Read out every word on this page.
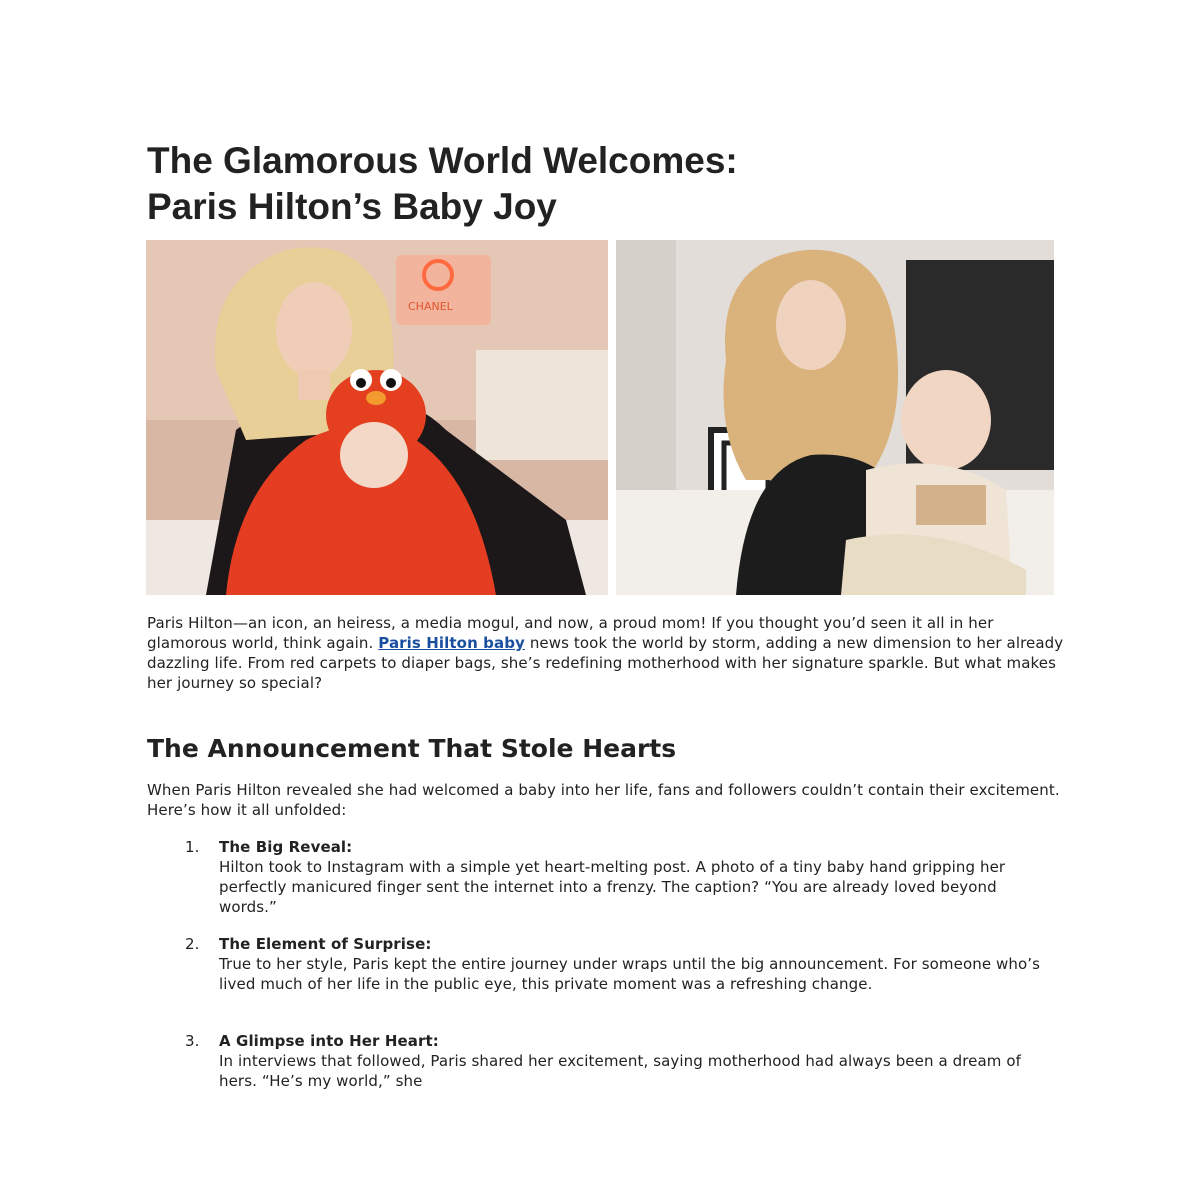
The Glamorous World Welcomes:
Paris Hilton’s Baby Joy
CHANEL

Paris Hilton—an icon, an heiress, a media mogul, and now, a proud mom! If you thought you’d seen it all in her glamorous world, think again. Paris Hilton baby news took the world by storm, adding a new dimension to her already dazzling life. From red carpets to diaper bags, she’s redefining motherhood with her signature sparkle. But what makes her journey so special?

The Announcement That Stole Hearts

When Paris Hilton revealed she had welcomed a baby into her life, fans and followers couldn’t contain their excitement. Here’s how it all unfolded:

1.	The Big Reveal:
Hilton took to Instagram with a simple yet heart-melting post. A photo of a tiny baby hand gripping her perfectly manicured finger sent the internet into a frenzy. The caption? “You are already loved beyond words.”
2.	The Element of Surprise:
True to her style, Paris kept the entire journey under wraps until the big announcement. For someone who’s lived much of her life in the public eye, this private moment was a refreshing change.
3.	A Glimpse into Her Heart:
In interviews that followed, Paris shared her excitement, saying motherhood had always been a dream of hers. “He’s my world,” she
